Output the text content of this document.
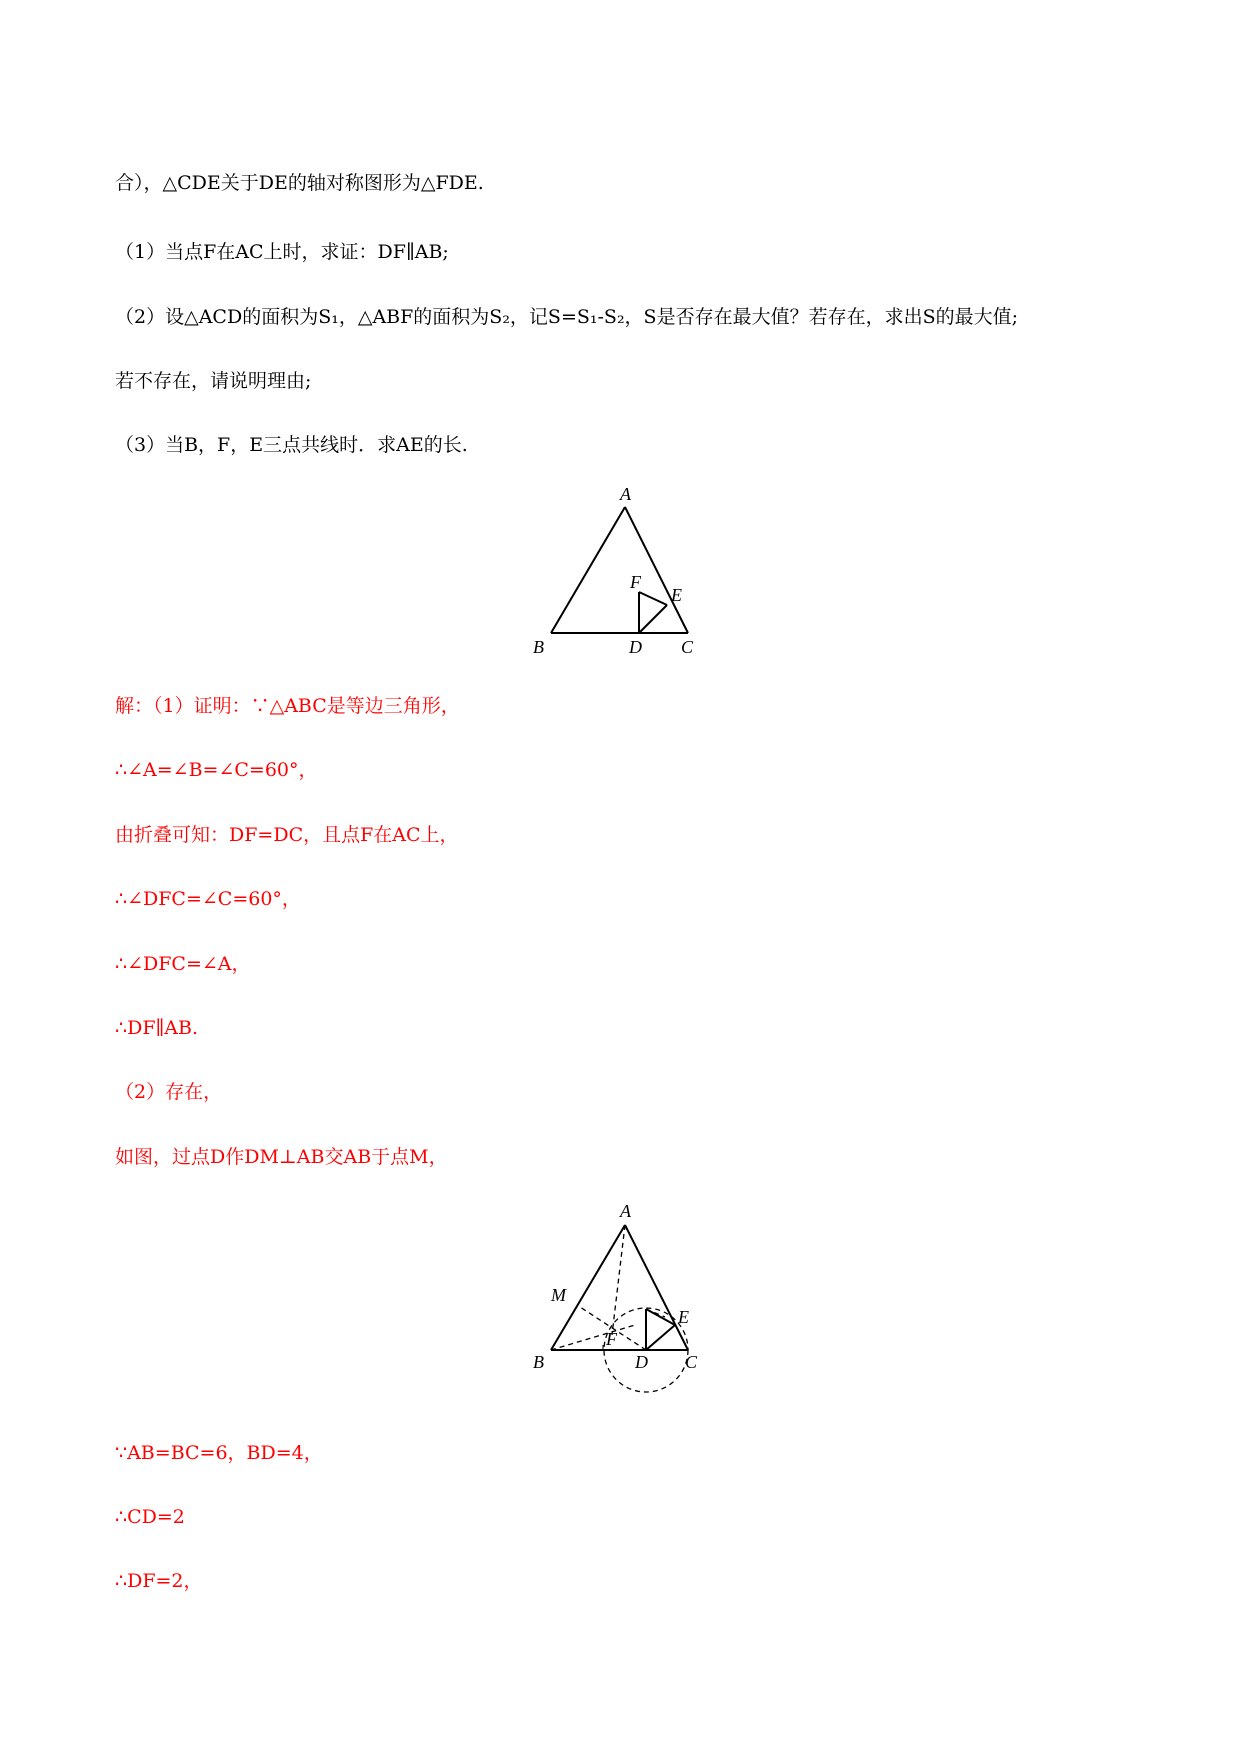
合），△CDE关于DE的轴对称图形为△FDE.
（1）当点F在AC上时，求证：DF∥AB;
（2）设△ACD的面积为S₁，△ABF的面积为S₂，记S=S₁-S₂，S是否存在最大值？若存在，求出S的最大值;
若不存在，请说明理由;
（3）当B，F，E三点共线时．求AE的长.
A
B	C
D
E
F
解：（1）证明：∵△ABC是等边三角形，
∴∠A=∠B=∠C=60°，
由折叠可知：DF=DC，且点F在AC上，
∴∠DFC=∠C=60°，
∴∠DFC=∠A，
∴DF∥AB.
（2）存在，
如图，过点D作DM⊥AB交AB于点M，
A
B	C
D
E
F
M
∵AB=BC=6，BD=4，
∴CD=2
∴DF=2，
